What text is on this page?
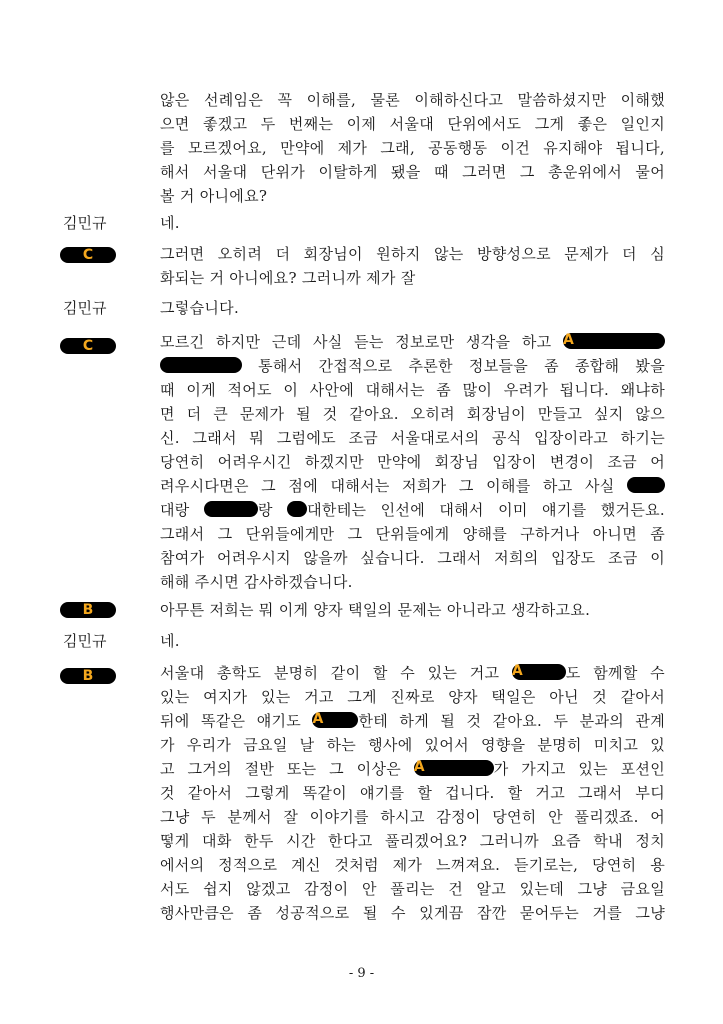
않은 선례임은 꼭 이해를, 물론 이해하신다고 말씀하셨지만 이해했
으면 좋겠고 두 번째는 이제 서울대 단위에서도 그게 좋은 일인지
를 모르겠어요, 만약에 제가 그래, 공동행동 이건 유지해야 됩니다,
해서 서울대 단위가 이탈하게 됐을 때 그러면 그 총운위에서 물어
볼 거 아니에요?
김민규	네.
C	그러면 오히려 더 회장님이 원하지 않는 방향성으로 문제가 더 심
화되는 거 아니에요? 그러니까 제가 잘
김민규	그렇습니다.
C	모르긴 하지만 근데 사실 듣는 정보로만 생각을 하고 A
통해서 간접적으로 추론한 정보들을 좀 종합해 봤을
때 이게 적어도 이 사안에 대해서는 좀 많이 우려가 됩니다. 왜냐하
면 더 큰 문제가 될 것 같아요. 오히려 회장님이 만들고 싶지 않으
신. 그래서 뭐 그럼에도 조금 서울대로서의 공식 입장이라고 하기는
당연히 어려우시긴 하겠지만 만약에 회장님 입장이 변경이 조금 어
려우시다면은 그 점에 대해서는 저희가 그 이해를 하고 사실
대랑	랑 대한테는 인선에 대해서 이미 얘기를 했거든요.
그래서 그 단위들에게만 그 단위들에게 양해를 구하거나 아니면 좀
참여가 어려우시지 않을까 싶습니다. 그래서 저희의 입장도 조금 이
해해 주시면 감사하겠습니다.
B	아무튼 저희는 뭐 이게 양자 택일의 문제는 아니라고 생각하고요.
김민규	네.
B	서울대 총학도 분명히 같이 할 수 있는 거고 A	도 함께할 수
있는 여지가 있는 거고 그게 진짜로 양자 택일은 아닌 것 같아서
뒤에 똑같은 얘기도 A	한테 하게 될 것 같아요. 두 분과의 관계
가 우리가 금요일 날 하는 행사에 있어서 영향을 분명히 미치고 있
고 그거의 절반 또는 그 이상은 A	가 가지고 있는 포션인
것 같아서 그렇게 똑같이 얘기를 할 겁니다. 할 거고 그래서 부디
그냥 두 분께서 잘 이야기를 하시고 감정이 당연히 안 풀리겠죠. 어
떻게 대화 한두 시간 한다고 풀리겠어요? 그러니까 요즘 학내 정치
에서의 정적으로 계신 것처럼 제가 느껴져요. 듣기로는, 당연히 용
서도 쉽지 않겠고 감정이 안 풀리는 건 알고 있는데 그냥 금요일
행사만큼은 좀 성공적으로 될 수 있게끔 잠깐 묻어두는 거를 그냥
- 9 -
